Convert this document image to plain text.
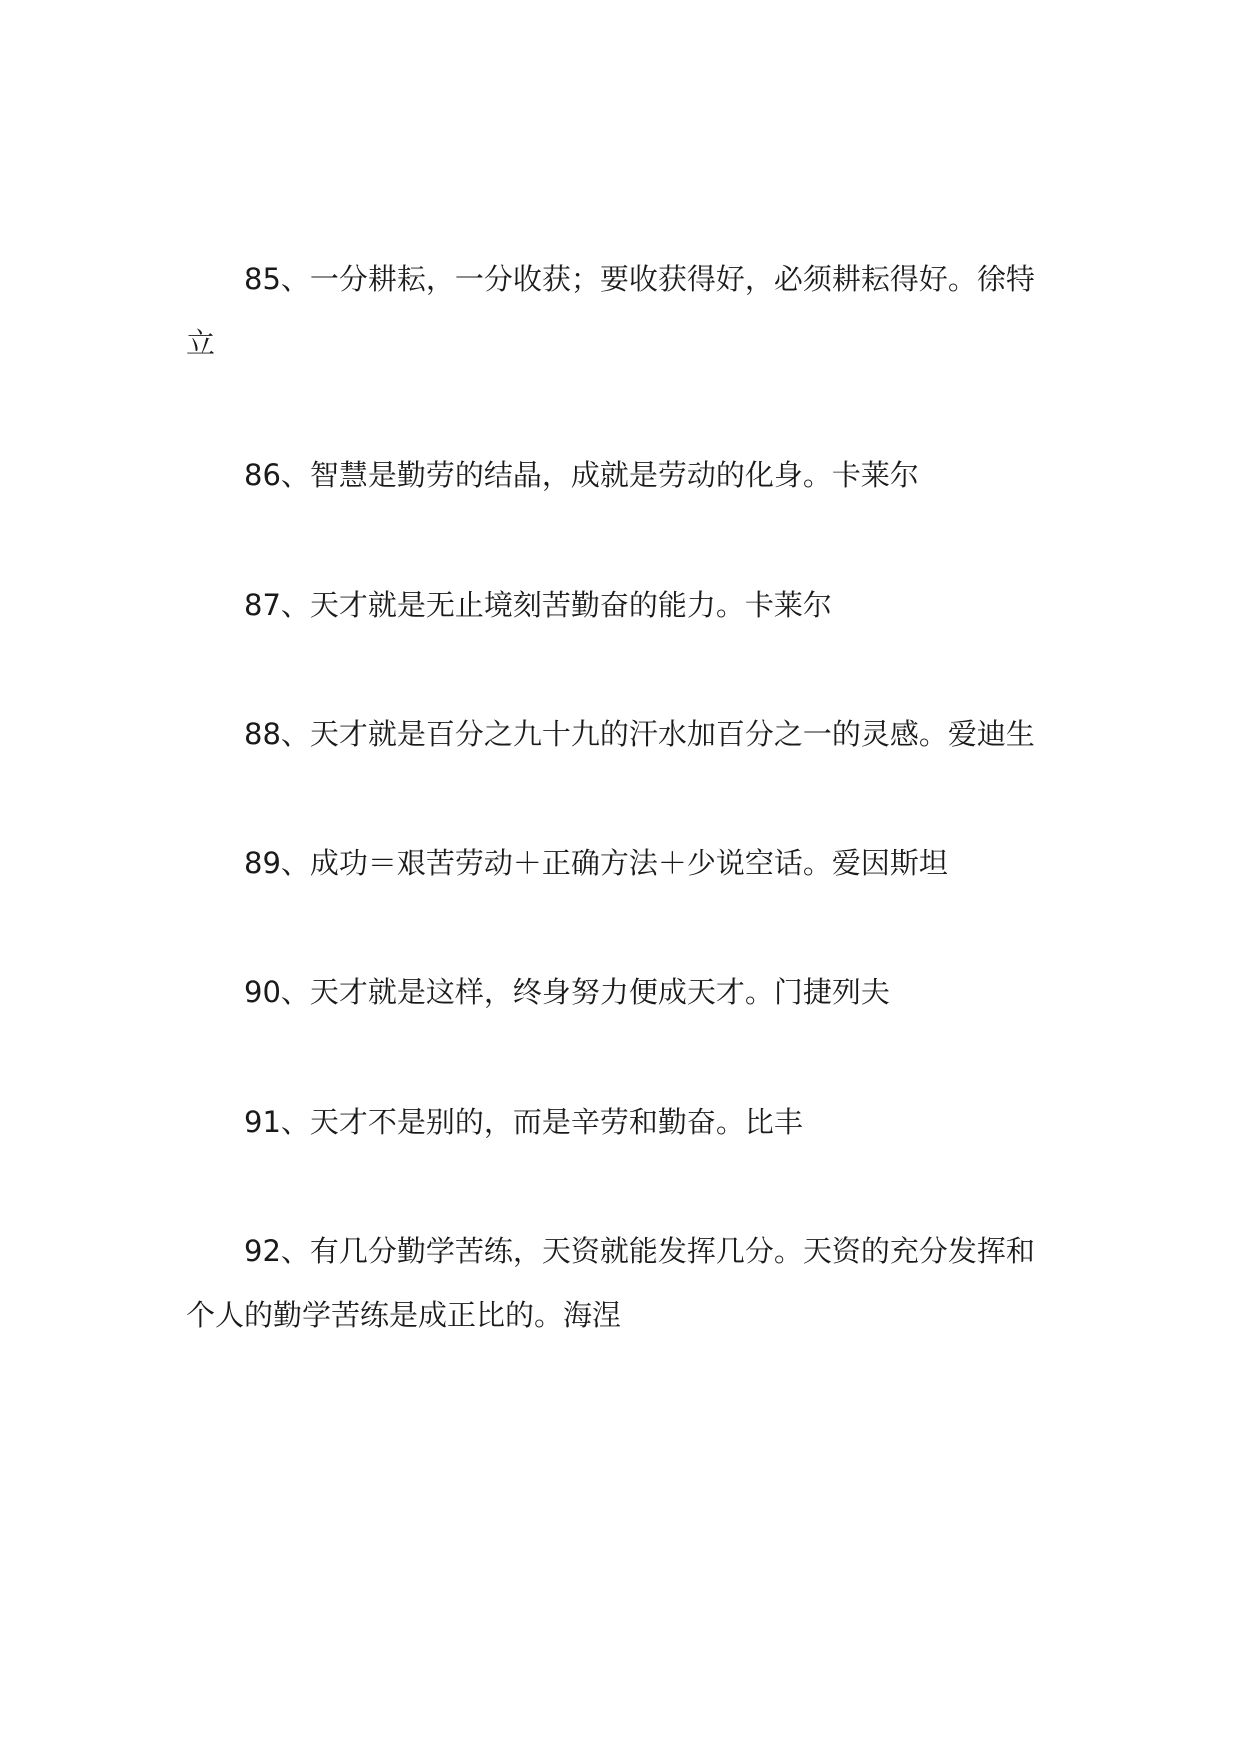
85、一分耕耘，一分收获；要收获得好，必须耕耘得好。徐特立

86、智慧是勤劳的结晶，成就是劳动的化身。卡莱尔

87、天才就是无止境刻苦勤奋的能力。卡莱尔

88、天才就是百分之九十九的汗水加百分之一的灵感。爱迪生

89、成功＝艰苦劳动＋正确方法＋少说空话。爱因斯坦

90、天才就是这样，终身努力便成天才。门捷列夫

91、天才不是别的，而是辛劳和勤奋。比丰

92、有几分勤学苦练，天资就能发挥几分。天资的充分发挥和个人的勤学苦练是成正比的。海涅
